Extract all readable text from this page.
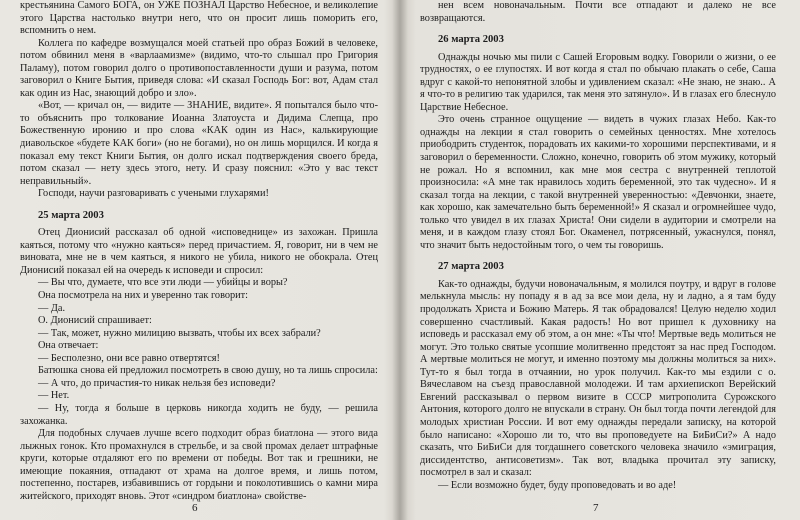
крестьянина Самого БОГА, он УЖЕ ПОЗНАЛ Царство Небесное, и великолепие этого Царства настолько внутри него, что он просит лишь поморить его, вспомнить о нем.

Коллега по кафедре возмущался моей статьей про образ Божий в человеке, потом обвинил меня в «варлаамизме» (видимо, что-то слышал про Григория Паламу), потом говорил долго о противопоставленности души и разума, потом заговорил о Книге Бытия, приведя слова: «И сказал Господь Бог: вот, Адам стал как один из Нас, знающий добро и зло».

«Вот, — кричал он, — видите — ЗНАНИЕ, видите». Я попытался было что-то объяснить про толкование Иоанна Златоуста и Дидима Слепца, про Божественную иронию и про слова «КАК один из Нас», калькирующие диавольское «будете КАК боги» (но не богами), но он лишь морщился. И когда я показал ему текст Книги Бытия, он долго искал подтверждения своего бреда, потом сказал — нету здесь этого, нету. И сразу пояснил: «Это у вас текст неправильный».

Господи, научи разговаривать с учеными глухарями!

25 марта 2003

Отец Дионисий рассказал об одной «исповеднице» из захожан. Пришла каяться, потому что «нужно каяться» перед причастием. Я, говорит, ни в чем не виновата, мне не в чем каяться, я никого не убила, никого не обокрала. Отец Дионисий показал ей на очередь к исповеди и спросил:

— Вы что, думаете, что все эти люди — убийцы и воры?

Она посмотрела на них и уверенно так говорит:

— Да.

О. Дионисий спрашивает:

— Так, может, нужно милицию вызвать, чтобы их всех забрали?

Она отвечает:

— Бесполезно, они все равно отвертятся!

Батюшка снова ей предложил посмотреть в свою душу, но та лишь спросила:

— А что, до причастия-то никак нельзя без исповеди?

— Нет.

— Ну, тогда я больше в церковь никогда ходить не буду, — решила захожанка.

Для подобных случаев лучше всего подходит образ биатлона — этого вида лыжных гонок. Кто промахнулся в стрельбе, и за свой промах делает штрафные круги, которые отдаляют его по времени от победы. Вот так и грешники, не имеющие покаяния, отпадают от храма на долгое время, и лишь потом, постепенно, постарев, избавившись от гордыни и поколотившись о камни мира житейского, приходят вновь. Этот «синдром биатлона» свойстве-

нен всем новоначальным. Почти все отпадают и далеко не все возвращаются.

26 марта 2003

Однажды ночью мы пили с Сашей Егоровым водку. Говорили о жизни, о ее трудностях, о ее глупостях. И вот когда я стал по обычаю плакать о себе, Саша вдруг с какой-то непонятной злобы и удивлением сказал: «Не знаю, не знаю.. А я что-то в религию так ударился, так меня это затянуло». И в глазах его блеснуло Царствие Небесное.

Это очень странное ощущение — видеть в чужих глазах Небо. Как-то однажды на лекции я стал говорить о семейных ценностях. Мне хотелось приободрить студенток, порадовать их какими-то хорошими перспективами, и я заговорил о беременности. Сложно, конечно, говорить об этом мужику, который не рожал. Но я вспомнил, как мне моя сестра с внутренней теплотой произносила: «А мне так нравилось ходить беременной, это так чудесно». И я сказал тогда на лекции, с такой внутренней уверенностью: «Девчонки, знаете, как хорошо, как замечательно быть беременной!» Я сказал и огромнейшее чудо, только что увидел в их глазах Христа! Они сидели в аудитории и смотрели на меня, и в каждом глазу стоял Бог. Окаменел, потрясенный, ужаснулся, понял, что значит быть недостойным того, о чем ты говоришь.

27 марта 2003

Как-то однажды, будучи новоначальным, я молился поутру, и вдруг в голове мелькнула мысль: ну попаду я в ад за все мои дела, ну и ладно, а я там буду продолжать Христа и Божию Матерь. Я так обрадовался! Целую неделю ходил совершенно счастливый. Какая радость! Но вот пришел к духовнику на исповедь и рассказал ему об этом, а он мне: «Ты что! Мертвые ведь молиться не могут. Это только святые усопшие молитвенно предстоят за нас пред Господом. А мертвые молиться не могут, и именно поэтому мы должны молиться за них». Тут-то я был тогда в отчаянии, но урок получил. Как-то мы ездили с о. Вячеславом на съезд православной молодежи. И там архиепископ Верейский Евгений рассказывал о первом визите в СССР митрополита Сурожского Антония, которого долго не впускали в страну. Он был тогда почти легендой для молодых христиан России. И вот ему однажды передали записку, на которой было написано: «Хорошо ли то, что вы проповедуете на БиБиСи?» А надо сказать, что БиБиСи для тогдашнего советского человека значило «эмиграция, диссидентство, антисоветизм». Так вот, владыка прочитал эту записку, посмотрел в зал и сказал:

— Если возможно будет, буду проповедовать и во аде!

6	7
